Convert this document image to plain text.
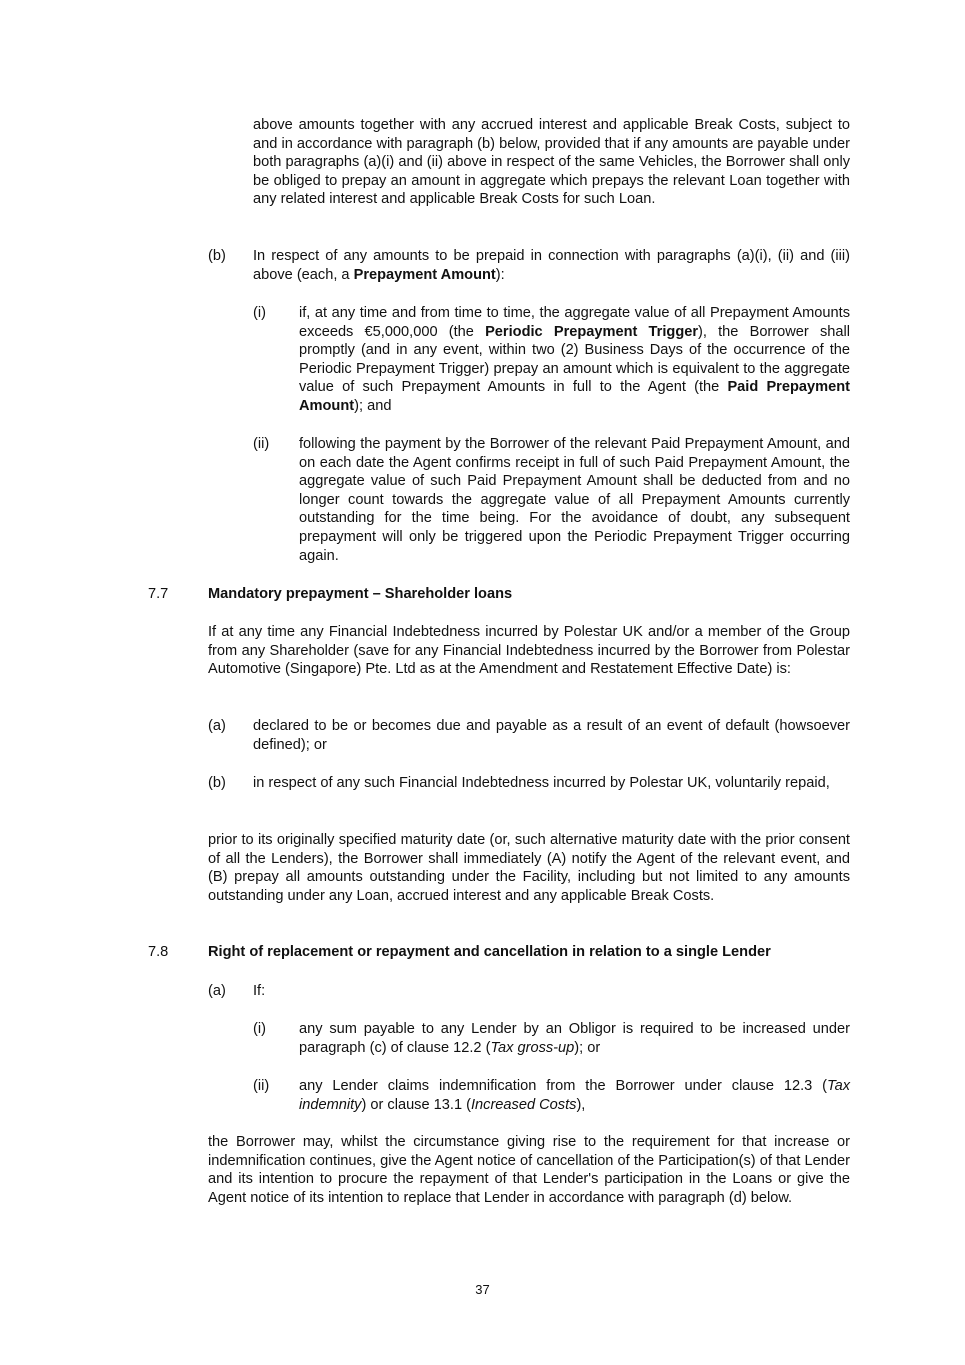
above amounts together with any accrued interest and applicable Break Costs, subject to and in accordance with paragraph (b) below, provided that if any amounts are payable under both paragraphs (a)(i) and (ii) above in respect of the same Vehicles, the Borrower shall only be obliged to prepay an amount in aggregate which prepays the relevant Loan together with any related interest and applicable Break Costs for such Loan.
(b) In respect of any amounts to be prepaid in connection with paragraphs (a)(i), (ii) and (iii) above (each, a Prepayment Amount):
(i) if, at any time and from time to time, the aggregate value of all Prepayment Amounts exceeds €5,000,000 (the Periodic Prepayment Trigger), the Borrower shall promptly (and in any event, within two (2) Business Days of the occurrence of the Periodic Prepayment Trigger) prepay an amount which is equivalent to the aggregate value of such Prepayment Amounts in full to the Agent (the Paid Prepayment Amount); and
(ii) following the payment by the Borrower of the relevant Paid Prepayment Amount, and on each date the Agent confirms receipt in full of such Paid Prepayment Amount, the aggregate value of such Paid Prepayment Amount shall be deducted from and no longer count towards the aggregate value of all Prepayment Amounts currently outstanding for the time being. For the avoidance of doubt, any subsequent prepayment will only be triggered upon the Periodic Prepayment Trigger occurring again.
7.7	Mandatory prepayment – Shareholder loans
If at any time any Financial Indebtedness incurred by Polestar UK and/or a member of the Group from any Shareholder (save for any Financial Indebtedness incurred by the Borrower from Polestar Automotive (Singapore) Pte. Ltd as at the Amendment and Restatement Effective Date) is:
(a) declared to be or becomes due and payable as a result of an event of default (howsoever defined); or
(b) in respect of any such Financial Indebtedness incurred by Polestar UK, voluntarily repaid,
prior to its originally specified maturity date (or, such alternative maturity date with the prior consent of all the Lenders), the Borrower shall immediately (A) notify the Agent of the relevant event, and (B) prepay all amounts outstanding under the Facility, including but not limited to any amounts outstanding under any Loan, accrued interest and any applicable Break Costs.
7.8	Right of replacement or repayment and cancellation in relation to a single Lender
(a) If:
(i) any sum payable to any Lender by an Obligor is required to be increased under paragraph (c) of clause 12.2 (Tax gross-up); or
(ii) any Lender claims indemnification from the Borrower under clause 12.3 (Tax indemnity) or clause 13.1 (Increased Costs),
the Borrower may, whilst the circumstance giving rise to the requirement for that increase or indemnification continues, give the Agent notice of cancellation of the Participation(s) of that Lender and its intention to procure the repayment of that Lender's participation in the Loans or give the Agent notice of its intention to replace that Lender in accordance with paragraph (d) below.
37
